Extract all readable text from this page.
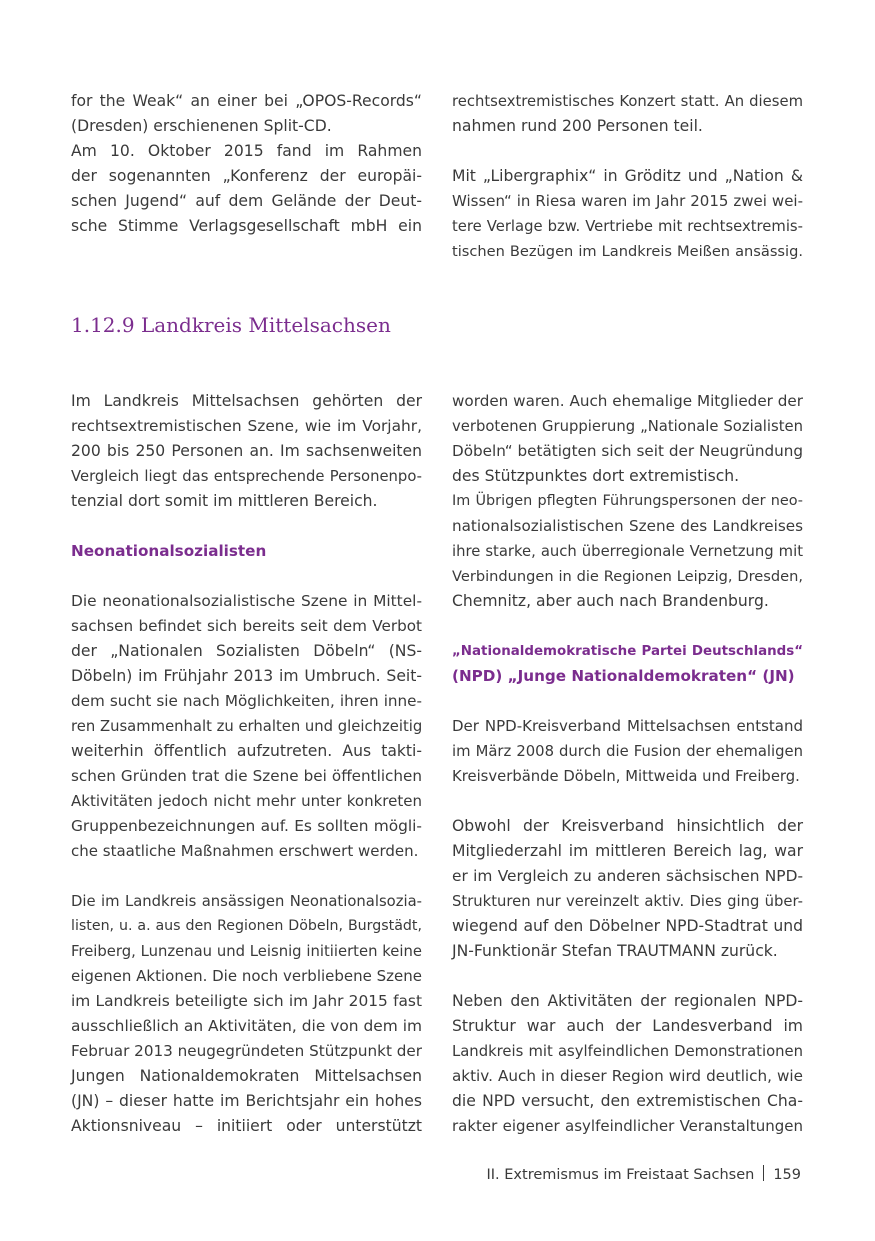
for the Weak“ an einer bei „OPOS-Records“
(Dresden) erschienenen Split-CD.
Am 10. Oktober 2015 fand im Rahmen
der sogenannten „Konferenz der europäi-
schen Jugend“ auf dem Gelände der Deut-
sche Stimme Verlagsgesellschaft mbH ein
rechtsextremistisches Konzert statt. An diesem
nahmen rund 200 Personen teil.
Mit „Libergraphix“ in Gröditz und „Nation &
Wissen“ in Riesa waren im Jahr 2015 zwei wei-
tere Verlage bzw. Vertriebe mit rechtsextremis-
tischen Bezügen im Landkreis Meißen ansässig.
1.12.9 Landkreis Mittelsachsen
Im Landkreis Mittelsachsen gehörten der
rechtsextremistischen Szene, wie im Vorjahr,
200 bis 250 Personen an. Im sachsenweiten
Vergleich liegt das entsprechende Personenpo-
tenzial dort somit im mittleren Bereich.
Neonationalsozialisten
Die neonationalsozialistische Szene in Mittel-
sachsen befindet sich bereits seit dem Verbot
der „Nationalen Sozialisten Döbeln“ (NS-
Döbeln) im Frühjahr 2013 im Umbruch. Seit-
dem sucht sie nach Möglichkeiten, ihren inne-
ren Zusammenhalt zu erhalten und gleichzeitig
weiterhin öffentlich aufzutreten. Aus takti-
schen Gründen trat die Szene bei öffentlichen
Aktivitäten jedoch nicht mehr unter konkreten
Gruppenbezeichnungen auf. Es sollten mögli-
che staatliche Maßnahmen erschwert werden.
Die im Landkreis ansässigen Neonationalsozia-
listen, u. a. aus den Regionen Döbeln, Burgstädt,
Freiberg, Lunzenau und Leisnig initiierten keine
eigenen Aktionen. Die noch verbliebene Szene
im Landkreis beteiligte sich im Jahr 2015 fast
ausschließlich an Aktivitäten, die von dem im
Februar 2013 neugegründeten Stützpunkt der
Jungen Nationaldemokraten Mittelsachsen
(JN) – dieser hatte im Berichtsjahr ein hohes
Aktionsniveau – initiiert oder unterstützt
worden waren. Auch ehemalige Mitglieder der
verbotenen Gruppierung „Nationale Sozialisten
Döbeln“ betätigten sich seit der Neugründung
des Stützpunktes dort extremistisch.
Im Übrigen pflegten Führungspersonen der neo-
nationalsozialistischen Szene des Landkreises
ihre starke, auch überregionale Vernetzung mit
Verbindungen in die Regionen Leipzig, Dresden,
Chemnitz, aber auch nach Brandenburg.
„Nationaldemokratische Partei Deutschlands“
(NPD) „Junge Nationaldemokraten“ (JN)
Der NPD-Kreisverband Mittelsachsen entstand
im März 2008 durch die Fusion der ehemaligen
Kreisverbände Döbeln, Mittweida und Freiberg.
Obwohl der Kreisverband hinsichtlich der
Mitgliederzahl im mittleren Bereich lag, war
er im Vergleich zu anderen sächsischen NPD-
Strukturen nur vereinzelt aktiv. Dies ging über-
wiegend auf den Döbelner NPD-Stadtrat und
JN-Funktionär Stefan TRAUTMANN zurück.
Neben den Aktivitäten der regionalen NPD-
Struktur war auch der Landesverband im
Landkreis mit asylfeindlichen Demonstrationen
aktiv. Auch in dieser Region wird deutlich, wie
die NPD versucht, den extremistischen Cha-
rakter eigener asylfeindlicher Veranstaltungen
II. Extremismus im Freistaat Sachsen 159
